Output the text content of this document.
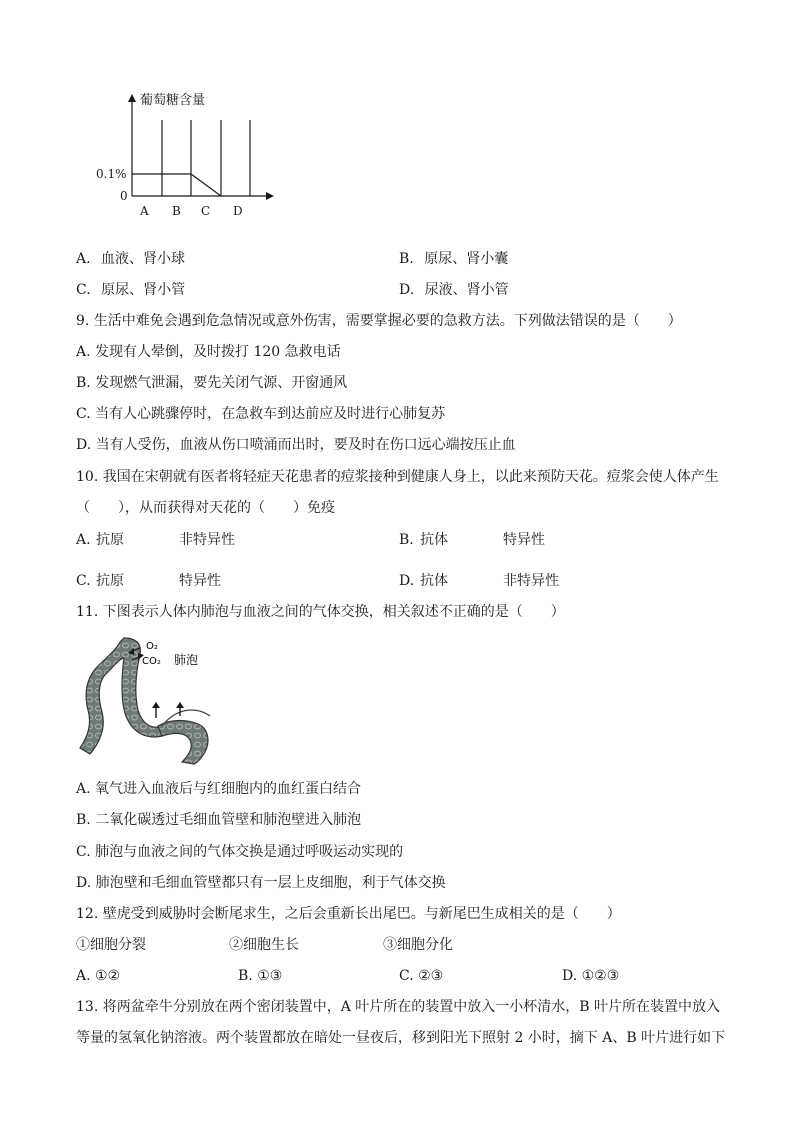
葡萄糖含量
0.1%
0
A B C D
A. 血液、肾小球	B. 原尿、肾小囊
C. 原尿、肾小管	D. 尿液、肾小管
9. 生活中难免会遇到危急情况或意外伤害，需要掌握必要的急救方法。下列做法错误的是（　　）
A. 发现有人晕倒，及时拨打 120 急救电话
B. 发现燃气泄漏，要先关闭气源、开窗通风
C. 当有人心跳骤停时，在急救车到达前应及时进行心肺复苏
D. 当有人受伤，血液从伤口喷涌而出时，要及时在伤口远心端按压止血
10. 我国在宋朝就有医者将轻症天花患者的痘浆接种到健康人身上，以此来预防天花。痘浆会使人体产生
（　　），从而获得对天花的（　　）免疫
A. 抗原	非特异性	B. 抗体	特异性
C. 抗原	特异性	D. 抗体	非特异性
11. 下图表示人体内肺泡与血液之间的气体交换，相关叙述不正确的是（　　）
O₂
CO₂ 肺泡
A. 氧气进入血液后与红细胞内的血红蛋白结合
B. 二氧化碳透过毛细血管壁和肺泡壁进入肺泡
C. 肺泡与血液之间的气体交换是通过呼吸运动实现的
D. 肺泡壁和毛细血管壁都只有一层上皮细胞，利于气体交换
12. 壁虎受到威胁时会断尾求生，之后会重新长出尾巴。与新尾巴生成相关的是（　　）
①细胞分裂	②细胞生长	③细胞分化
A. ①②	B. ①③	C. ②③	D. ①②③
13. 将两盆牵牛分别放在两个密闭装置中，A 叶片所在的装置中放入一小杯清水，B 叶片所在装置中放入
等量的氢氧化钠溶液。两个装置都放在暗处一昼夜后，移到阳光下照射 2 小时，摘下 A、B 叶片进行如下
